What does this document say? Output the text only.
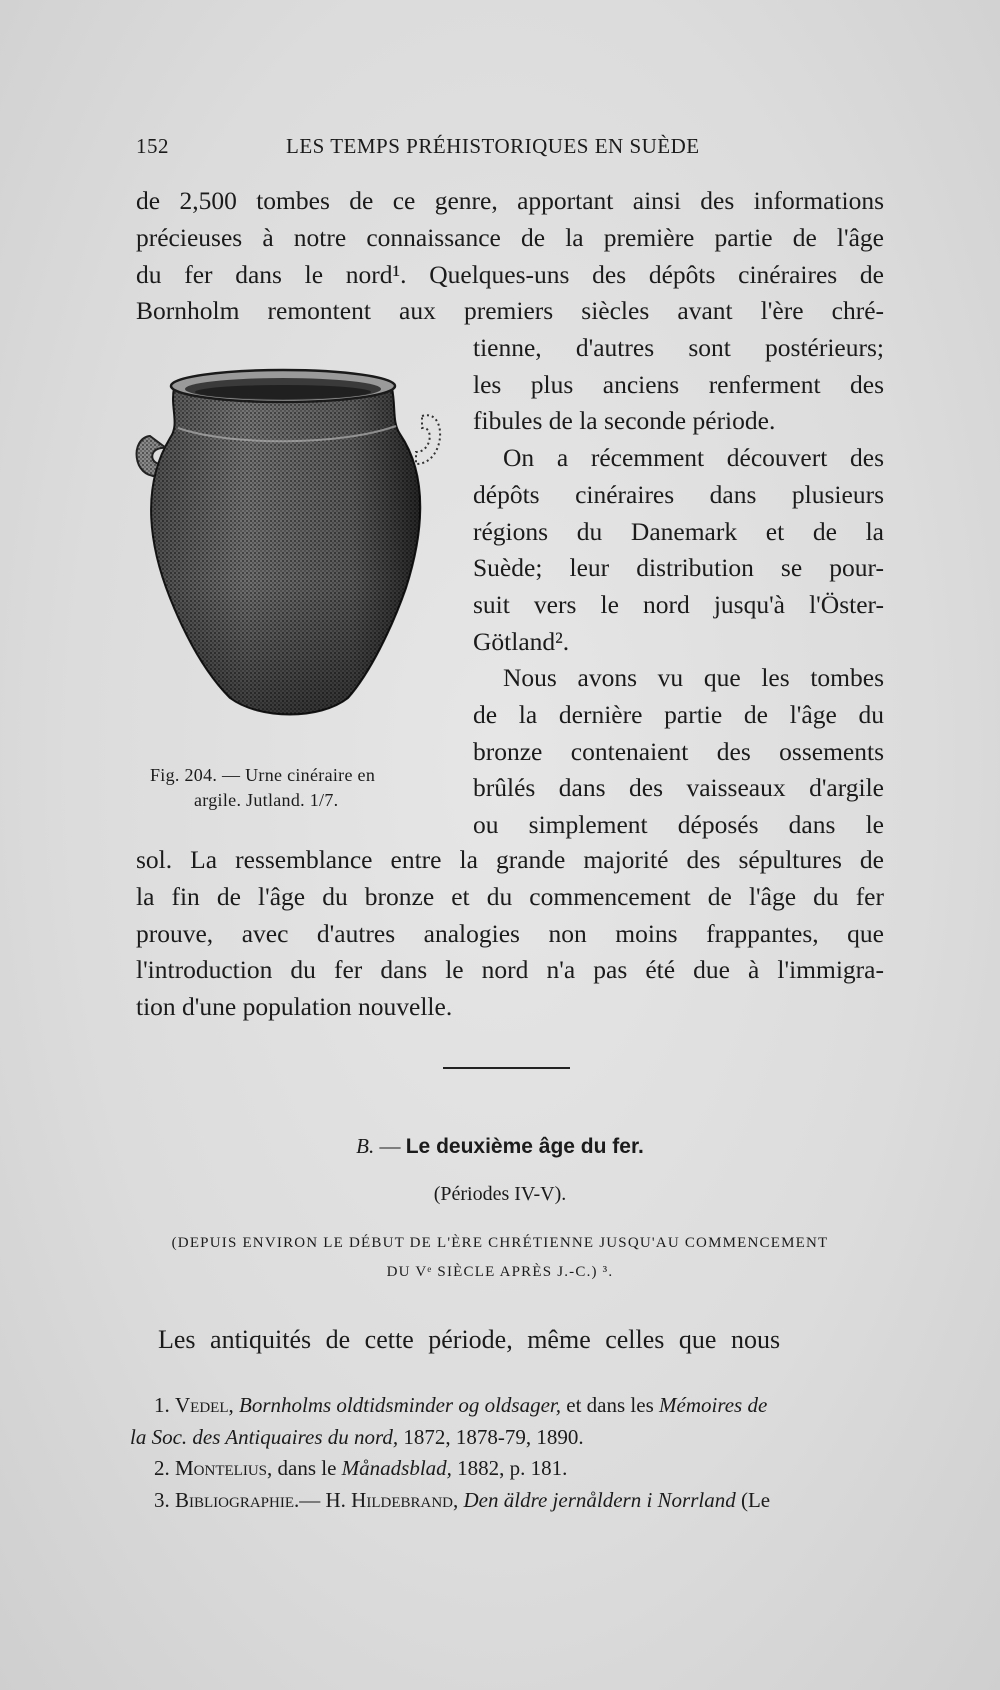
152	LES TEMPS PRÉHISTORIQUES EN SUÈDE
de 2,500 tombes de ce genre, apportant ainsi des informations
précieuses à notre connaissance de la première partie de l'âge
du fer dans le nord¹. Quelques-uns des dépôts cinéraires de
Bornholm remontent aux premiers siècles avant l'ère chré-
tienne, d'autres sont postérieurs;
les plus anciens renferment des
fibules de la seconde période.
On a récemment découvert des
dépôts cinéraires dans plusieurs
régions du Danemark et de la
Suède; leur distribution se pour-
suit vers le nord jusqu'à l'Öster-
Götland².
Nous avons vu que les tombes
de la dernière partie de l'âge du
bronze contenaient des ossements
brûlés dans des vaisseaux d'argile
ou simplement déposés dans le
Fig. 204. — Urne cinéraire en
argile. Jutland. 1/7.
sol. La ressemblance entre la grande majorité des sépultures de
la fin de l'âge du bronze et du commencement de l'âge du fer
prouve, avec d'autres analogies non moins frappantes, que
l'introduction du fer dans le nord n'a pas été due à l'immigra-
tion d'une population nouvelle.
B. — Le deuxième âge du fer.
(Périodes IV-V).
(DEPUIS ENVIRON LE DÉBUT DE L'ÈRE CHRÉTIENNE JUSQU'AU COMMENCEMENT
DU Vᵉ SIÈCLE APRÈS J.-C.) ³.
Les antiquités de cette période, même celles que nous
1. Vedel, Bornholms oldtidsminder og oldsager, et dans les Mémoires de
la Soc. des Antiquaires du nord, 1872, 1878-79, 1890.
2. Montelius, dans le Månadsblad, 1882, p. 181.
3. Bibliographie.— H. Hildebrand, Den äldre jernåldern i Norrland (Le
